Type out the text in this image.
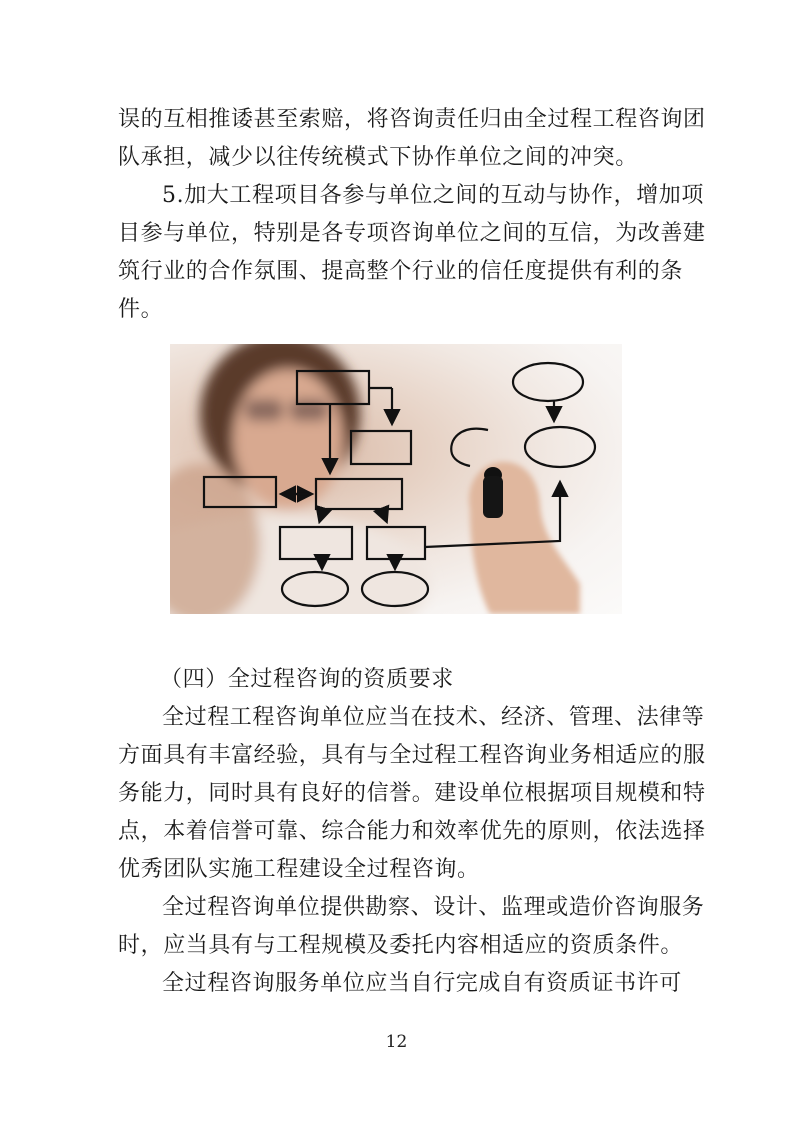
误的互相推诿甚至索赔，将咨询责任归由全过程工程咨询团

队承担，减少以往传统模式下协作单位之间的冲突。

5.加大工程项目各参与单位之间的互动与协作，增加项

目参与单位，特别是各专项咨询单位之间的互信，为改善建

筑行业的合作氛围、提高整个行业的信任度提供有利的条

件。

（四）全过程咨询的资质要求

全过程工程咨询单位应当在技术、经济、管理、法律等

方面具有丰富经验，具有与全过程工程咨询业务相适应的服

务能力，同时具有良好的信誉。建设单位根据项目规模和特

点，本着信誉可靠、综合能力和效率优先的原则，依法选择

优秀团队实施工程建设全过程咨询。

全过程咨询单位提供勘察、设计、监理或造价咨询服务

时，应当具有与工程规模及委托内容相适应的资质条件。

全过程咨询服务单位应当自行完成自有资质证书许可

12
